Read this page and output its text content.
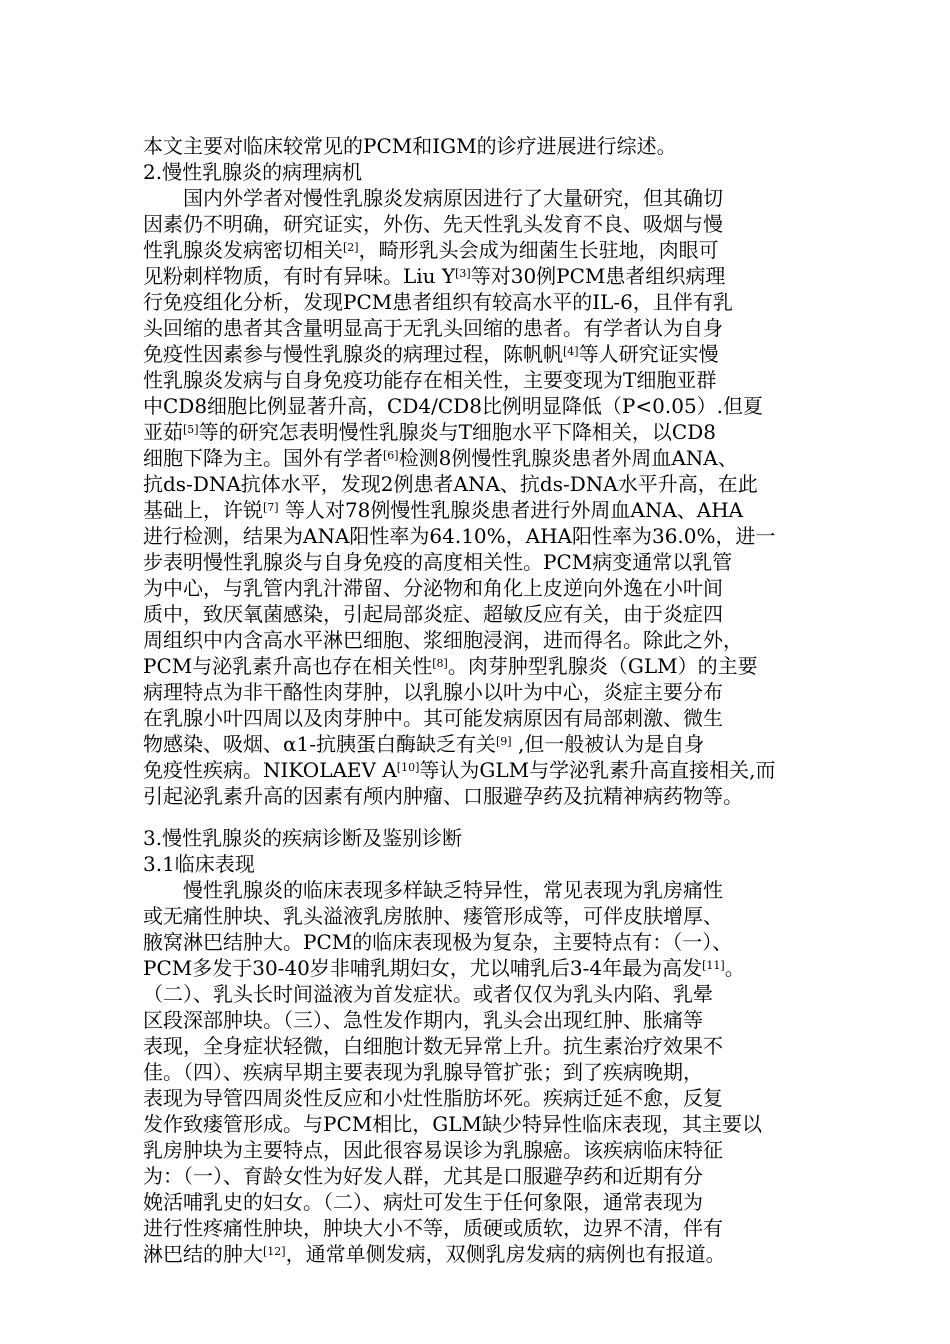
本文主要对临床较常见的PCM和IGM的诊疗进展进行综述。
2.慢性乳腺炎的病理病机
国内外学者对慢性乳腺炎发病原因进行了大量研究，但其确切
因素仍不明确，研究证实，外伤、先天性乳头发育不良、吸烟与慢
性乳腺炎发病密切相关[2]，畸形乳头会成为细菌生长驻地，肉眼可
见粉刺样物质，有时有异味。Liu Y[3]等对30例PCM患者组织病理
行免疫组化分析，发现PCM患者组织有较高水平的IL-6，且伴有乳
头回缩的患者其含量明显高于无乳头回缩的患者。有学者认为自身
免疫性因素参与慢性乳腺炎的病理过程，陈帆帆[4]等人研究证实慢
性乳腺炎发病与自身免疫功能存在相关性，主要变现为T细胞亚群
中CD8细胞比例显著升高，CD4/CD8比例明显降低（P<0.05）.但夏
亚茹[5]等的研究怎表明慢性乳腺炎与T细胞水平下降相关，以CD8
细胞下降为主。国外有学者[6]检测8例慢性乳腺炎患者外周血ANA、
抗ds-DNA抗体水平，发现2例患者ANA、抗ds-DNA水平升高，在此
基础上，许锐[7] 等人对78例慢性乳腺炎患者进行外周血ANA、AHA
进行检测，结果为ANA阳性率为64.10%，AHA阳性率为36.0%，进一
步表明慢性乳腺炎与自身免疫的高度相关性。PCM病变通常以乳管
为中心，与乳管内乳汁滞留、分泌物和角化上皮逆向外逸在小叶间
质中，致厌氧菌感染，引起局部炎症、超敏反应有关，由于炎症四
周组织中内含高水平淋巴细胞、浆细胞浸润，进而得名。除此之外，
PCM与泌乳素升高也存在相关性[8]。肉芽肿型乳腺炎（GLM）的主要
病理特点为非干酪性肉芽肿，以乳腺小以叶为中心，炎症主要分布
在乳腺小叶四周以及肉芽肿中。其可能发病原因有局部刺激、微生
物感染、吸烟、α1-抗胰蛋白酶缺乏有关[9] ,但一般被认为是自身
免疫性疾病。NIKOLAEV A[10]等认为GLM与学泌乳素升高直接相关,而
引起泌乳素升高的因素有颅内肿瘤、口服避孕药及抗精神病药物等。
3.慢性乳腺炎的疾病诊断及鉴别诊断
3.1临床表现
慢性乳腺炎的临床表现多样缺乏特异性，常见表现为乳房痛性
或无痛性肿块、乳头溢液乳房脓肿、瘘管形成等，可伴皮肤增厚、
腋窝淋巴结肿大。PCM的临床表现极为复杂，主要特点有：（一）、
PCM多发于30-40岁非哺乳期妇女，尤以哺乳后3-4年最为高发[11]。
（二）、乳头长时间溢液为首发症状。或者仅仅为乳头内陷、乳晕
区段深部肿块。（三）、急性发作期内，乳头会出现红肿、胀痛等
表现，全身症状轻微，白细胞计数无异常上升。抗生素治疗效果不
佳。（四）、疾病早期主要表现为乳腺导管扩张；到了疾病晚期，
表现为导管四周炎性反应和小灶性脂肪坏死。疾病迁延不愈，反复
发作致瘘管形成。与PCM相比，GLM缺少特异性临床表现，其主要以
乳房肿块为主要特点，因此很容易误诊为乳腺癌。该疾病临床特征
为：（一）、育龄女性为好发人群，尤其是口服避孕药和近期有分
娩活哺乳史的妇女。（二）、病灶可发生于任何象限，通常表现为
进行性疼痛性肿块，肿块大小不等，质硬或质软，边界不清，伴有
淋巴结的肿大[12]，通常单侧发病，双侧乳房发病的病例也有报道。
